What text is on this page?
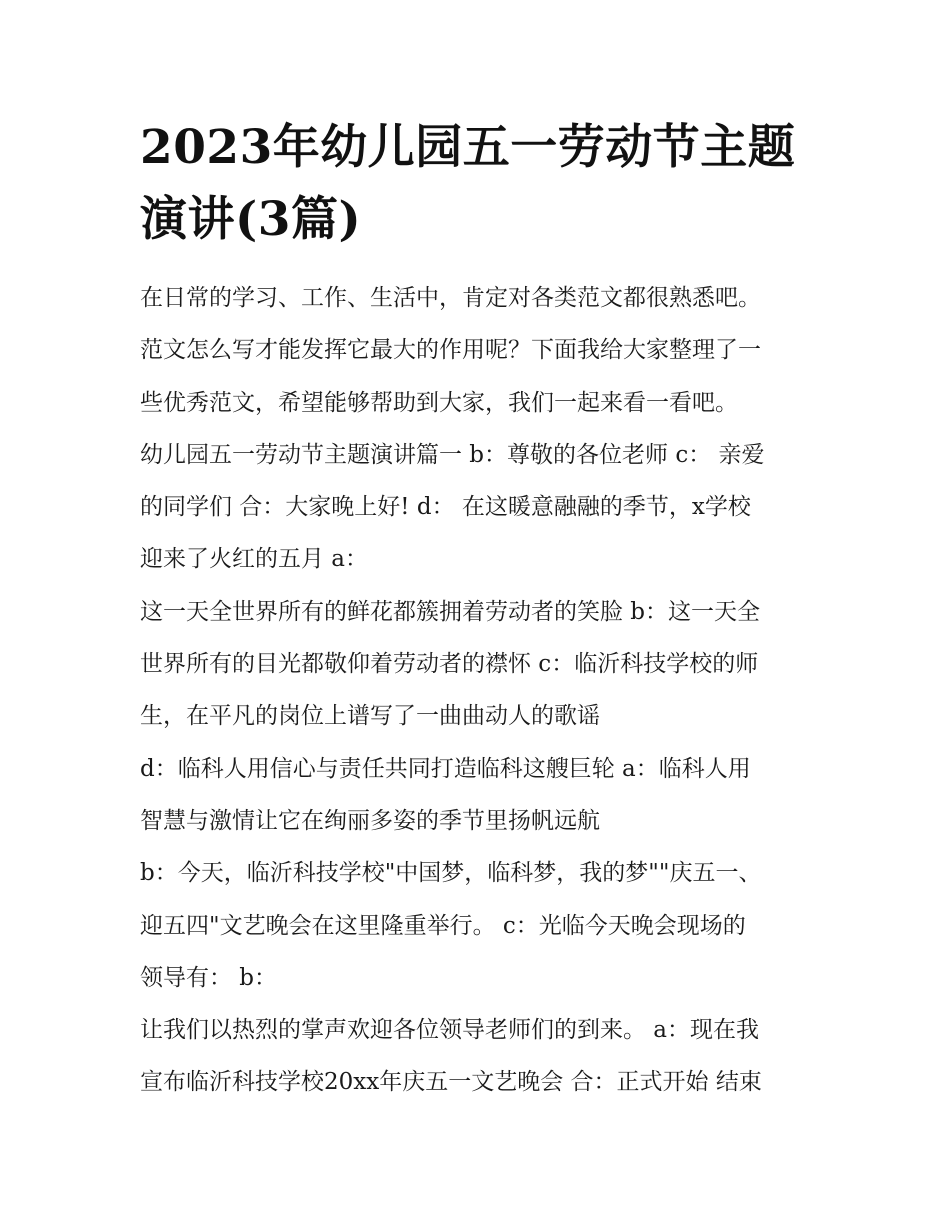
2023年幼儿园五一劳动节主题
演讲(3篇)
在日常的学习、工作、生活中，肯定对各类范文都很熟悉吧。
范文怎么写才能发挥它最大的作用呢？下面我给大家整理了一
些优秀范文，希望能够帮助到大家，我们一起来看一看吧。
幼儿园五一劳动节主题演讲篇一 b：尊敬的各位老师 c： 亲爱
的同学们 合：大家晚上好! d： 在这暖意融融的季节，x学校
迎来了火红的五月 a：
这一天全世界所有的鲜花都簇拥着劳动者的笑脸 b：这一天全
世界所有的目光都敬仰着劳动者的襟怀 c：临沂科技学校的师
生，在平凡的岗位上谱写了一曲曲动人的歌谣
d：临科人用信心与责任共同打造临科这艘巨轮 a：临科人用
智慧与激情让它在绚丽多姿的季节里扬帆远航
b：今天，临沂科技学校"中国梦，临科梦，我的梦""庆五一、
迎五四"文艺晚会在这里隆重举行。 c：光临今天晚会现场的
领导有： b：
让我们以热烈的掌声欢迎各位领导老师们的到来。 a：现在我
宣布临沂科技学校20xx年庆五一文艺晚会 合：正式开始 结束
